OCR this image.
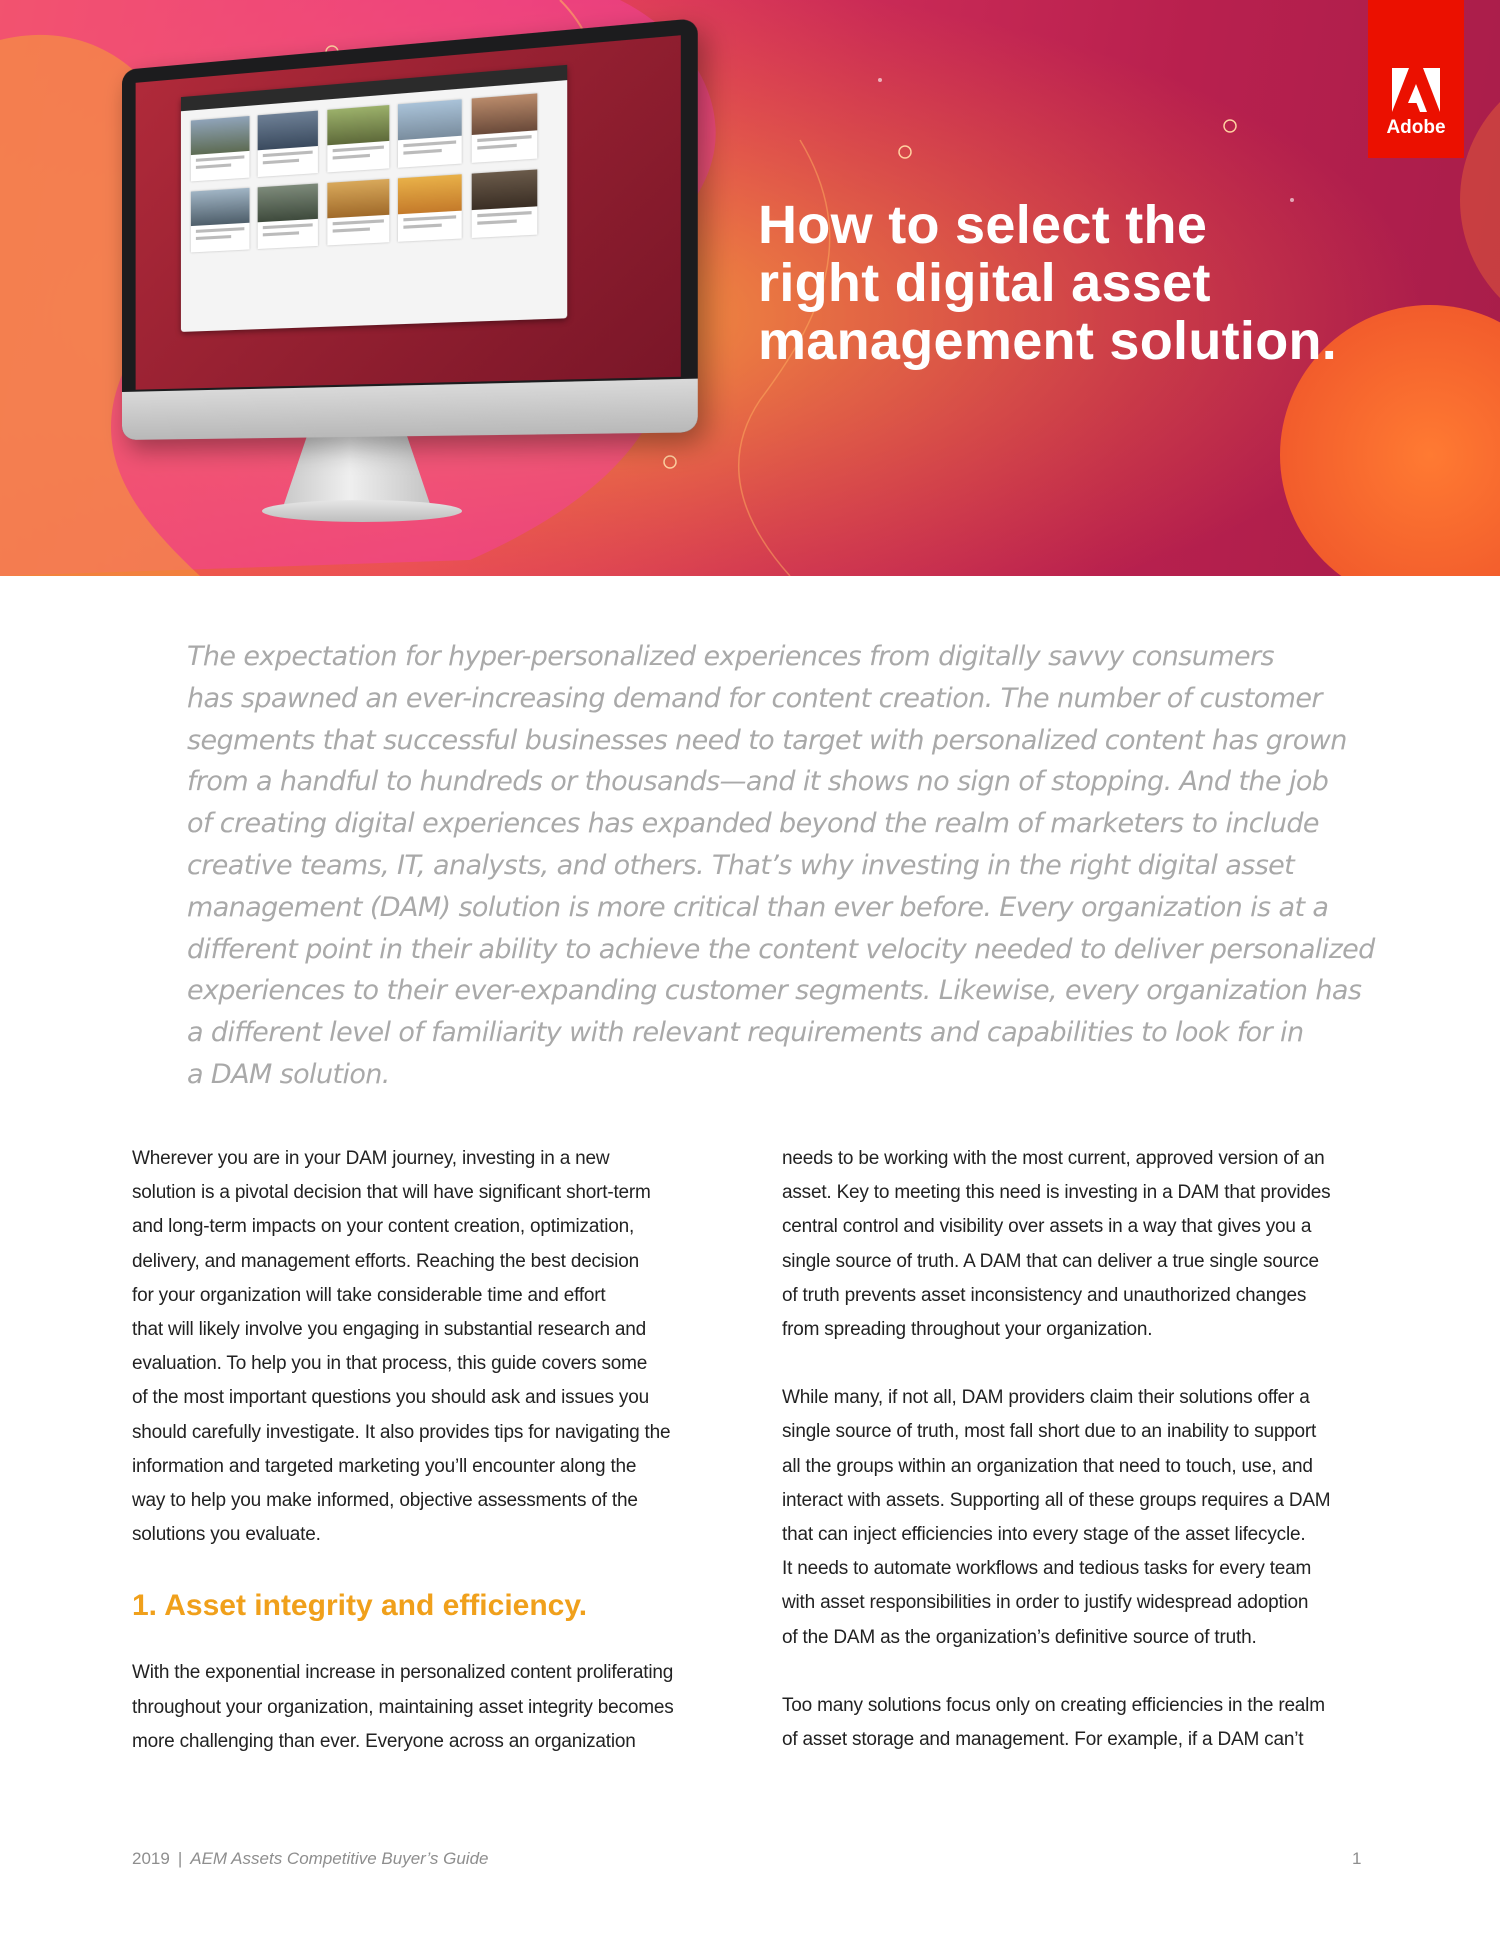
Adobe
How to select the
right digital asset
management solution.

The expectation for hyper-personalized experiences from digitally savvy consumers
has spawned an ever-increasing demand for content creation. The number of customer
segments that successful businesses need to target with personalized content has grown
from a handful to hundreds or thousands—and it shows no sign of stopping. And the job
of creating digital experiences has expanded beyond the realm of marketers to include
creative teams, IT, analysts, and others. That’s why investing in the right digital asset
management (DAM) solution is more critical than ever before. Every organization is at a
different point in their ability to achieve the content velocity needed to deliver personalized
experiences to their ever-expanding customer segments. Likewise, every organization has
a different level of familiarity with relevant requirements and capabilities to look for in
a DAM solution.

Wherever you are in your DAM journey, investing in a new
solution is a pivotal decision that will have significant short-term
and long-term impacts on your content creation, optimization,
delivery, and management efforts. Reaching the best decision
for your organization will take considerable time and effort
that will likely involve you engaging in substantial research and
evaluation. To help you in that process, this guide covers some
of the most important questions you should ask and issues you
should carefully investigate. It also provides tips for navigating the
information and targeted marketing you’ll encounter along the
way to help you make informed, objective assessments of the
solutions you evaluate.

1. Asset integrity and efficiency.

With the exponential increase in personalized content proliferating
throughout your organization, maintaining asset integrity becomes
more challenging than ever. Everyone across an organization

needs to be working with the most current, approved version of an
asset. Key to meeting this need is investing in a DAM that provides
central control and visibility over assets in a way that gives you a
single source of truth. A DAM that can deliver a true single source
of truth prevents asset inconsistency and unauthorized changes
from spreading throughout your organization.

While many, if not all, DAM providers claim their solutions offer a
single source of truth, most fall short due to an inability to support
all the groups within an organization that need to touch, use, and
interact with assets. Supporting all of these groups requires a DAM
that can inject efficiencies into every stage of the asset lifecycle.
It needs to automate workflows and tedious tasks for every team
with asset responsibilities in order to justify widespread adoption
of the DAM as the organization’s definitive source of truth.

Too many solutions focus only on creating efficiencies in the realm
of asset storage and management. For example, if a DAM can’t

2019 | AEM Assets Competitive Buyer’s Guide	1
